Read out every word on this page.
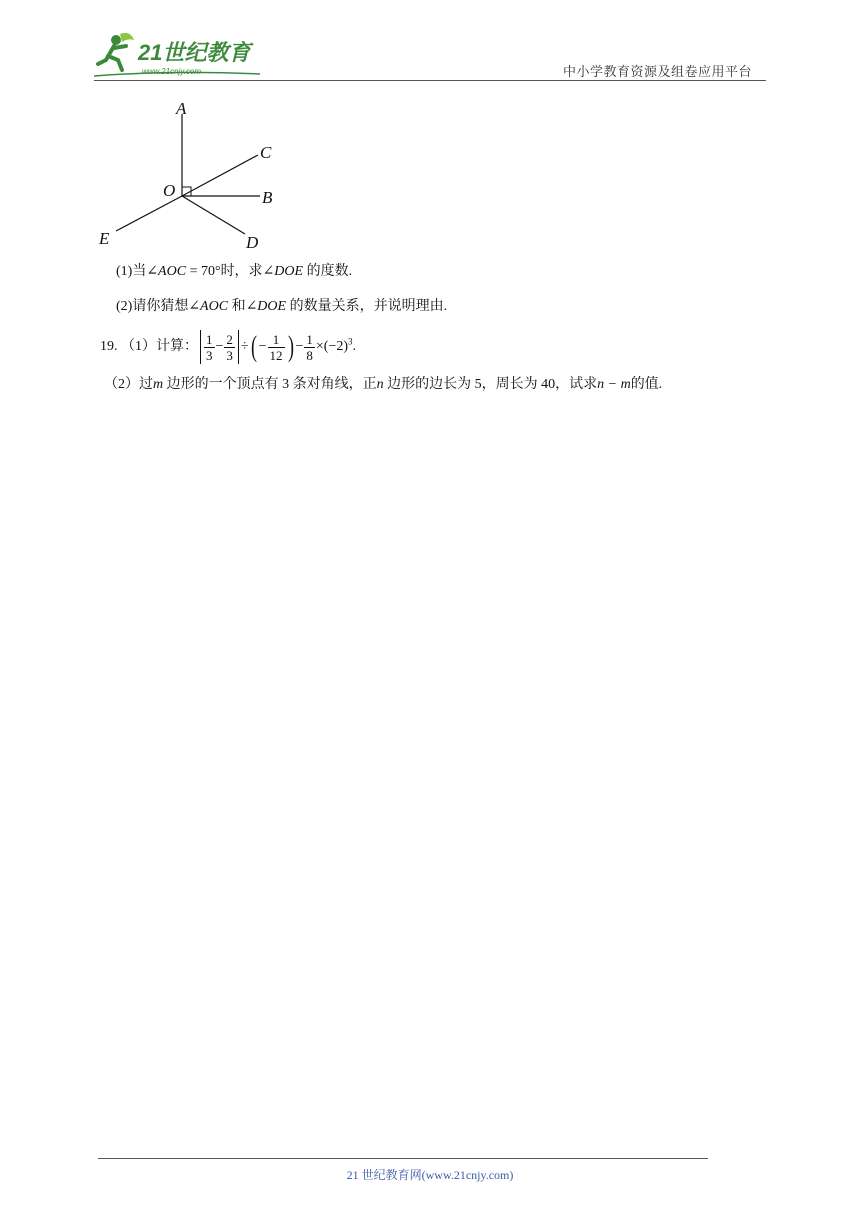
21世纪教育
www.21cnjy.com	中小学教育资源及组卷应用平台
A
C
O	B
E	D
(1)当∠AOC = 70°时，求∠DOE 的度数.
(2)请你猜想∠AOC 和∠DOE 的数量关系，并说明理由.
19. （1）计算： $\frac{1}{3} - \frac{2}{3}$ ÷( − $\frac{1}{12}$ ) − $\frac{1}{8} \times(-2)^3$.
（2）过m 边形的一个顶点有 3 条对角线，正n 边形的边长为 5，周长为 40，试求n − m的值.
21 世纪教育网(www.21cnjy.com)
